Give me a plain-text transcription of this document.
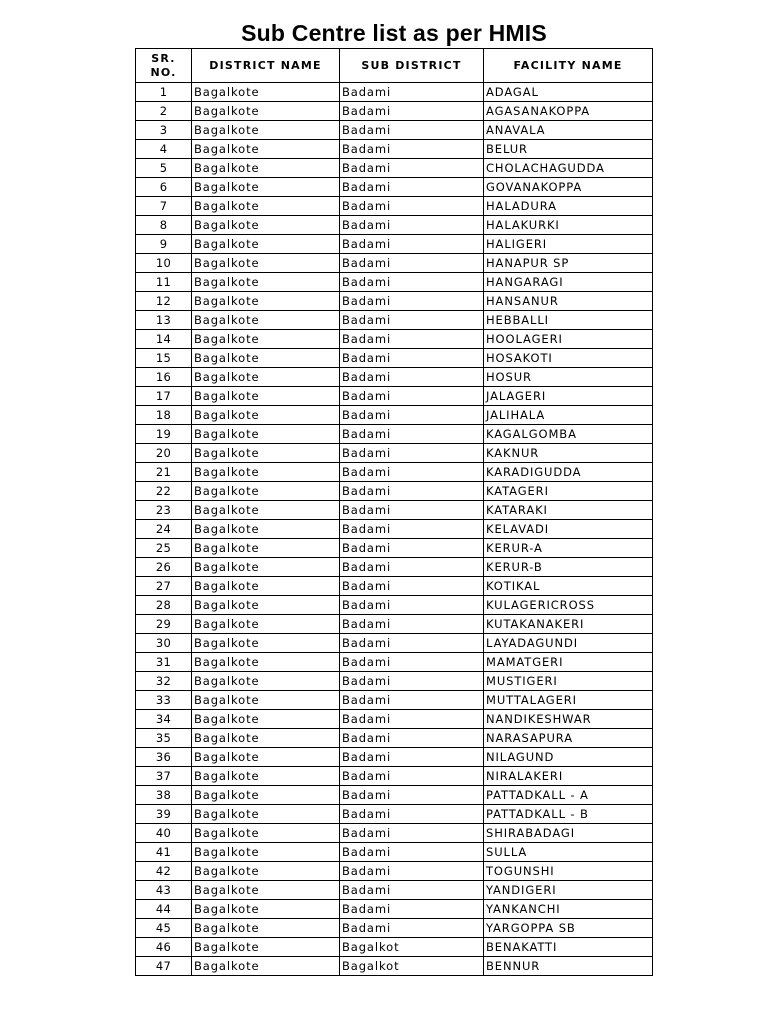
Sub Centre list as per HMIS
SR.
NO.	DISTRICT NAME	SUB DISTRICT	FACILITY NAME
1	Bagalkote	Badami	ADAGAL
2	Bagalkote	Badami	AGASANAKOPPA
3	Bagalkote	Badami	ANAVALA
4	Bagalkote	Badami	BELUR
5	Bagalkote	Badami	CHOLACHAGUDDA
6	Bagalkote	Badami	GOVANAKOPPA
7	Bagalkote	Badami	HALADURA
8	Bagalkote	Badami	HALAKURKI
9	Bagalkote	Badami	HALIGERI
10	Bagalkote	Badami	HANAPUR SP
11	Bagalkote	Badami	HANGARAGI
12	Bagalkote	Badami	HANSANUR
13	Bagalkote	Badami	HEBBALLI
14	Bagalkote	Badami	HOOLAGERI
15	Bagalkote	Badami	HOSAKOTI
16	Bagalkote	Badami	HOSUR
17	Bagalkote	Badami	JALAGERI
18	Bagalkote	Badami	JALIHALA
19	Bagalkote	Badami	KAGALGOMBA
20	Bagalkote	Badami	KAKNUR
21	Bagalkote	Badami	KARADIGUDDA
22	Bagalkote	Badami	KATAGERI
23	Bagalkote	Badami	KATARAKI
24	Bagalkote	Badami	KELAVADI
25	Bagalkote	Badami	KERUR-A
26	Bagalkote	Badami	KERUR-B
27	Bagalkote	Badami	KOTIKAL
28	Bagalkote	Badami	KULAGERICROSS
29	Bagalkote	Badami	KUTAKANAKERI
30	Bagalkote	Badami	LAYADAGUNDI
31	Bagalkote	Badami	MAMATGERI
32	Bagalkote	Badami	MUSTIGERI
33	Bagalkote	Badami	MUTTALAGERI
34	Bagalkote	Badami	NANDIKESHWAR
35	Bagalkote	Badami	NARASAPURA
36	Bagalkote	Badami	NILAGUND
37	Bagalkote	Badami	NIRALAKERI
38	Bagalkote	Badami	PATTADKALL - A
39	Bagalkote	Badami	PATTADKALL - B
40	Bagalkote	Badami	SHIRABADAGI
41	Bagalkote	Badami	SULLA
42	Bagalkote	Badami	TOGUNSHI
43	Bagalkote	Badami	YANDIGERI
44	Bagalkote	Badami	YANKANCHI
45	Bagalkote	Badami	YARGOPPA SB
46	Bagalkote	Bagalkot	BENAKATTI
47	Bagalkote	Bagalkot	BENNUR
